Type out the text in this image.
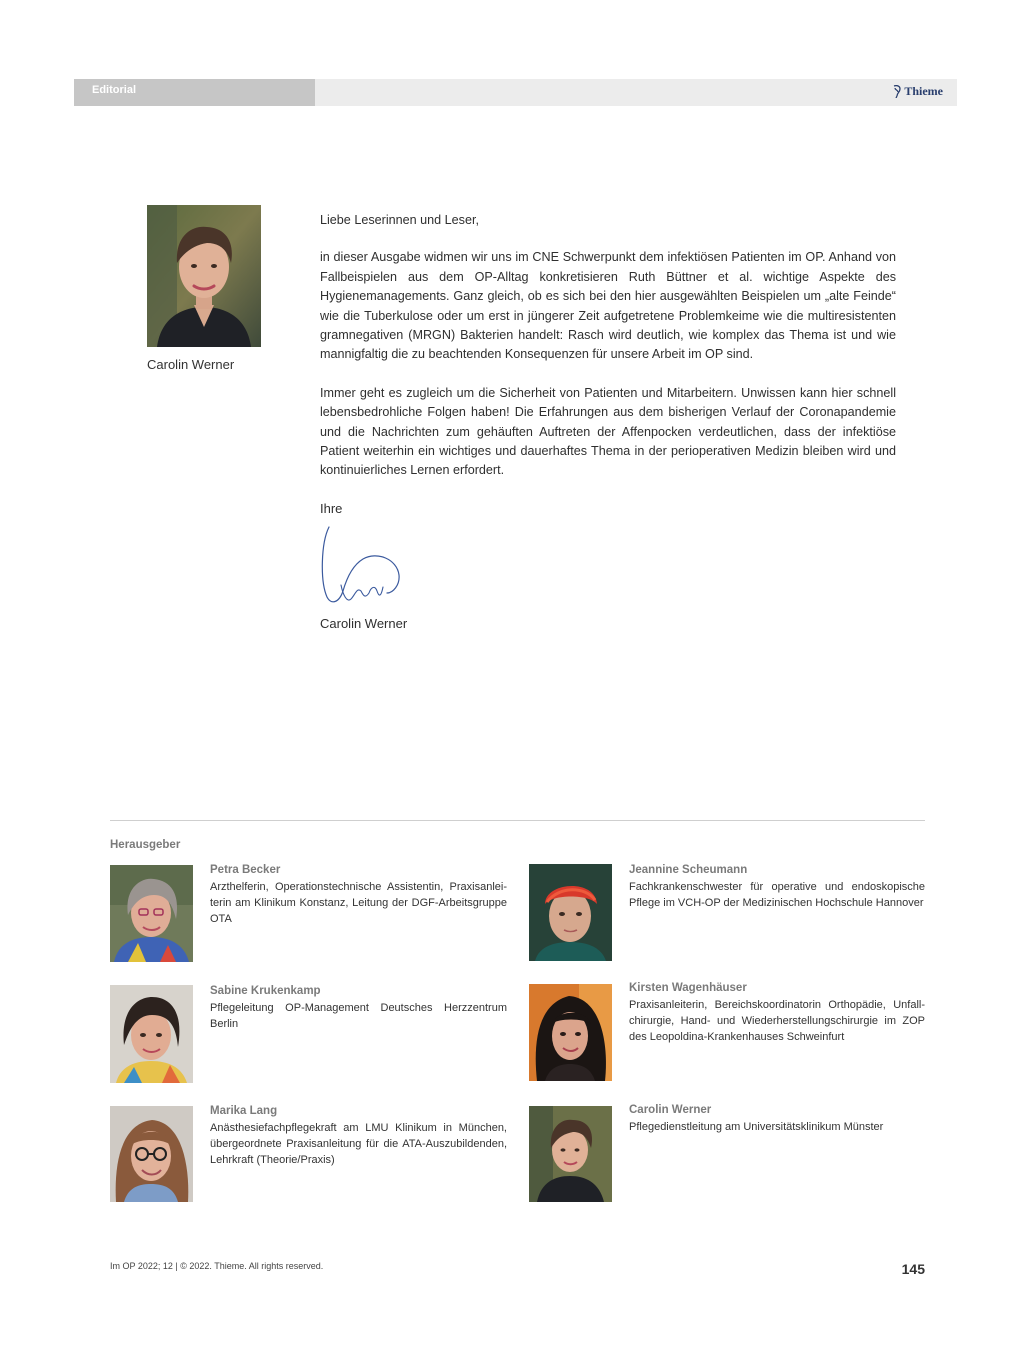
Editorial	Thieme
Carolin Werner

Liebe Leserinnen und Leser,

in dieser Ausgabe widmen wir uns im CNE Schwerpunkt dem infektiösen Patienten im OP. Anhand von Fallbeispielen aus dem OP-Alltag konkretisieren Ruth Büttner et al. wichtige Aspekte des Hygienemanagements. Ganz gleich, ob es sich bei den hier ausgewählten Beispielen um „alte Feinde“ wie die Tuberkulose oder um erst in jüngerer Zeit aufgetretene Problemkeime wie die multiresistenten gramnegativen (MRGN) Bakterien handelt: Rasch wird deutlich, wie komplex das Thema ist und wie mannigfaltig die zu beachtenden Konsequenzen für unsere Arbeit im OP sind.

Immer geht es zugleich um die Sicherheit von Patienten und Mitarbeitern. Unwissen kann hier schnell lebensbedrohliche Folgen haben! Die Erfahrungen aus dem bisherigen Verlauf der Coronapandemie und die Nachrichten zum gehäuften Auftreten der Affenpocken verdeutlichen, dass der infektiöse Patient weiterhin ein wichtiges und dauerhaftes Thema in der perioperativen Medizin bleiben wird und kontinuierliches Lernen erfordert.

Ihre
Carolin Werner
Herausgeber
Petra Becker
Arzthelferin, Operationstechnische Assistentin, Praxisanleiterin am Klinikum Konstanz, Leitung der DGF-Arbeitsgruppe OTA
Jeannine Scheumann
Fachkrankenschwester für operative und endoskopische Pflege im VCH-OP der Medizinischen Hochschule Hannover
Sabine Krukenkamp
Pflegeleitung OP-Management Deutsches Herzzentrum Berlin
Kirsten Wagenhäuser
Praxisanleiterin, Bereichskoordinatorin Orthopädie, Unfallchirurgie, Hand- und Wiederherstellungschirurgie im ZOP des Leopoldina-Krankenhauses Schweinfurt
Marika Lang
Anästhesiefachpflegekraft am LMU Klinikum in München, übergeordnete Praxisanleitung für die ATA-Auszubildenden, Lehrkraft (Theorie/Praxis)
Carolin Werner
Pflegedienstleitung am Universitätsklinikum Münster
Im OP 2022; 12 | © 2022. Thieme. All rights reserved.	145
